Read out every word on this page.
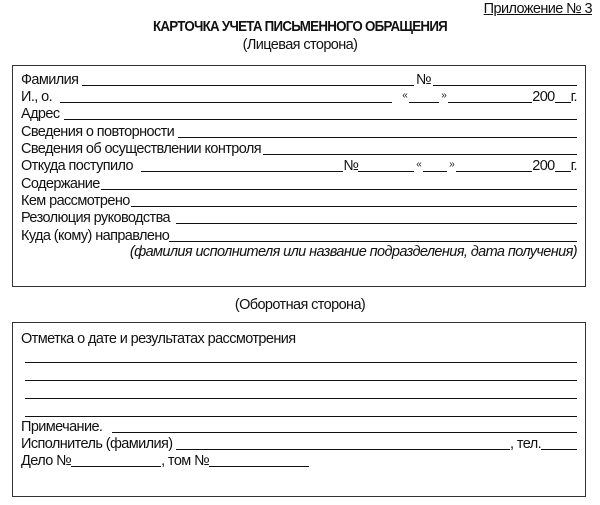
Приложение № 3
КАРТОЧКА УЧЕТА ПИСЬМЕННОГО ОБРАЩЕНИЯ
(Лицевая сторона)
Фамилия	№
И., о.	«	»	200 г.
Адрес
Сведения о повторности
Сведения об осуществлении контроля
Откуда поступило	№	«	»	200 г.
Содержание
Кем рассмотрено
Резолюция руководства
Куда (кому) направлено
(фамилия исполнителя или название подразделения, дата получения)
(Оборотная сторона)
Отметка о дате и результатах рассмотрения
Примечание.
Исполнитель (фамилия)	, тел.
Дело №	, том №
